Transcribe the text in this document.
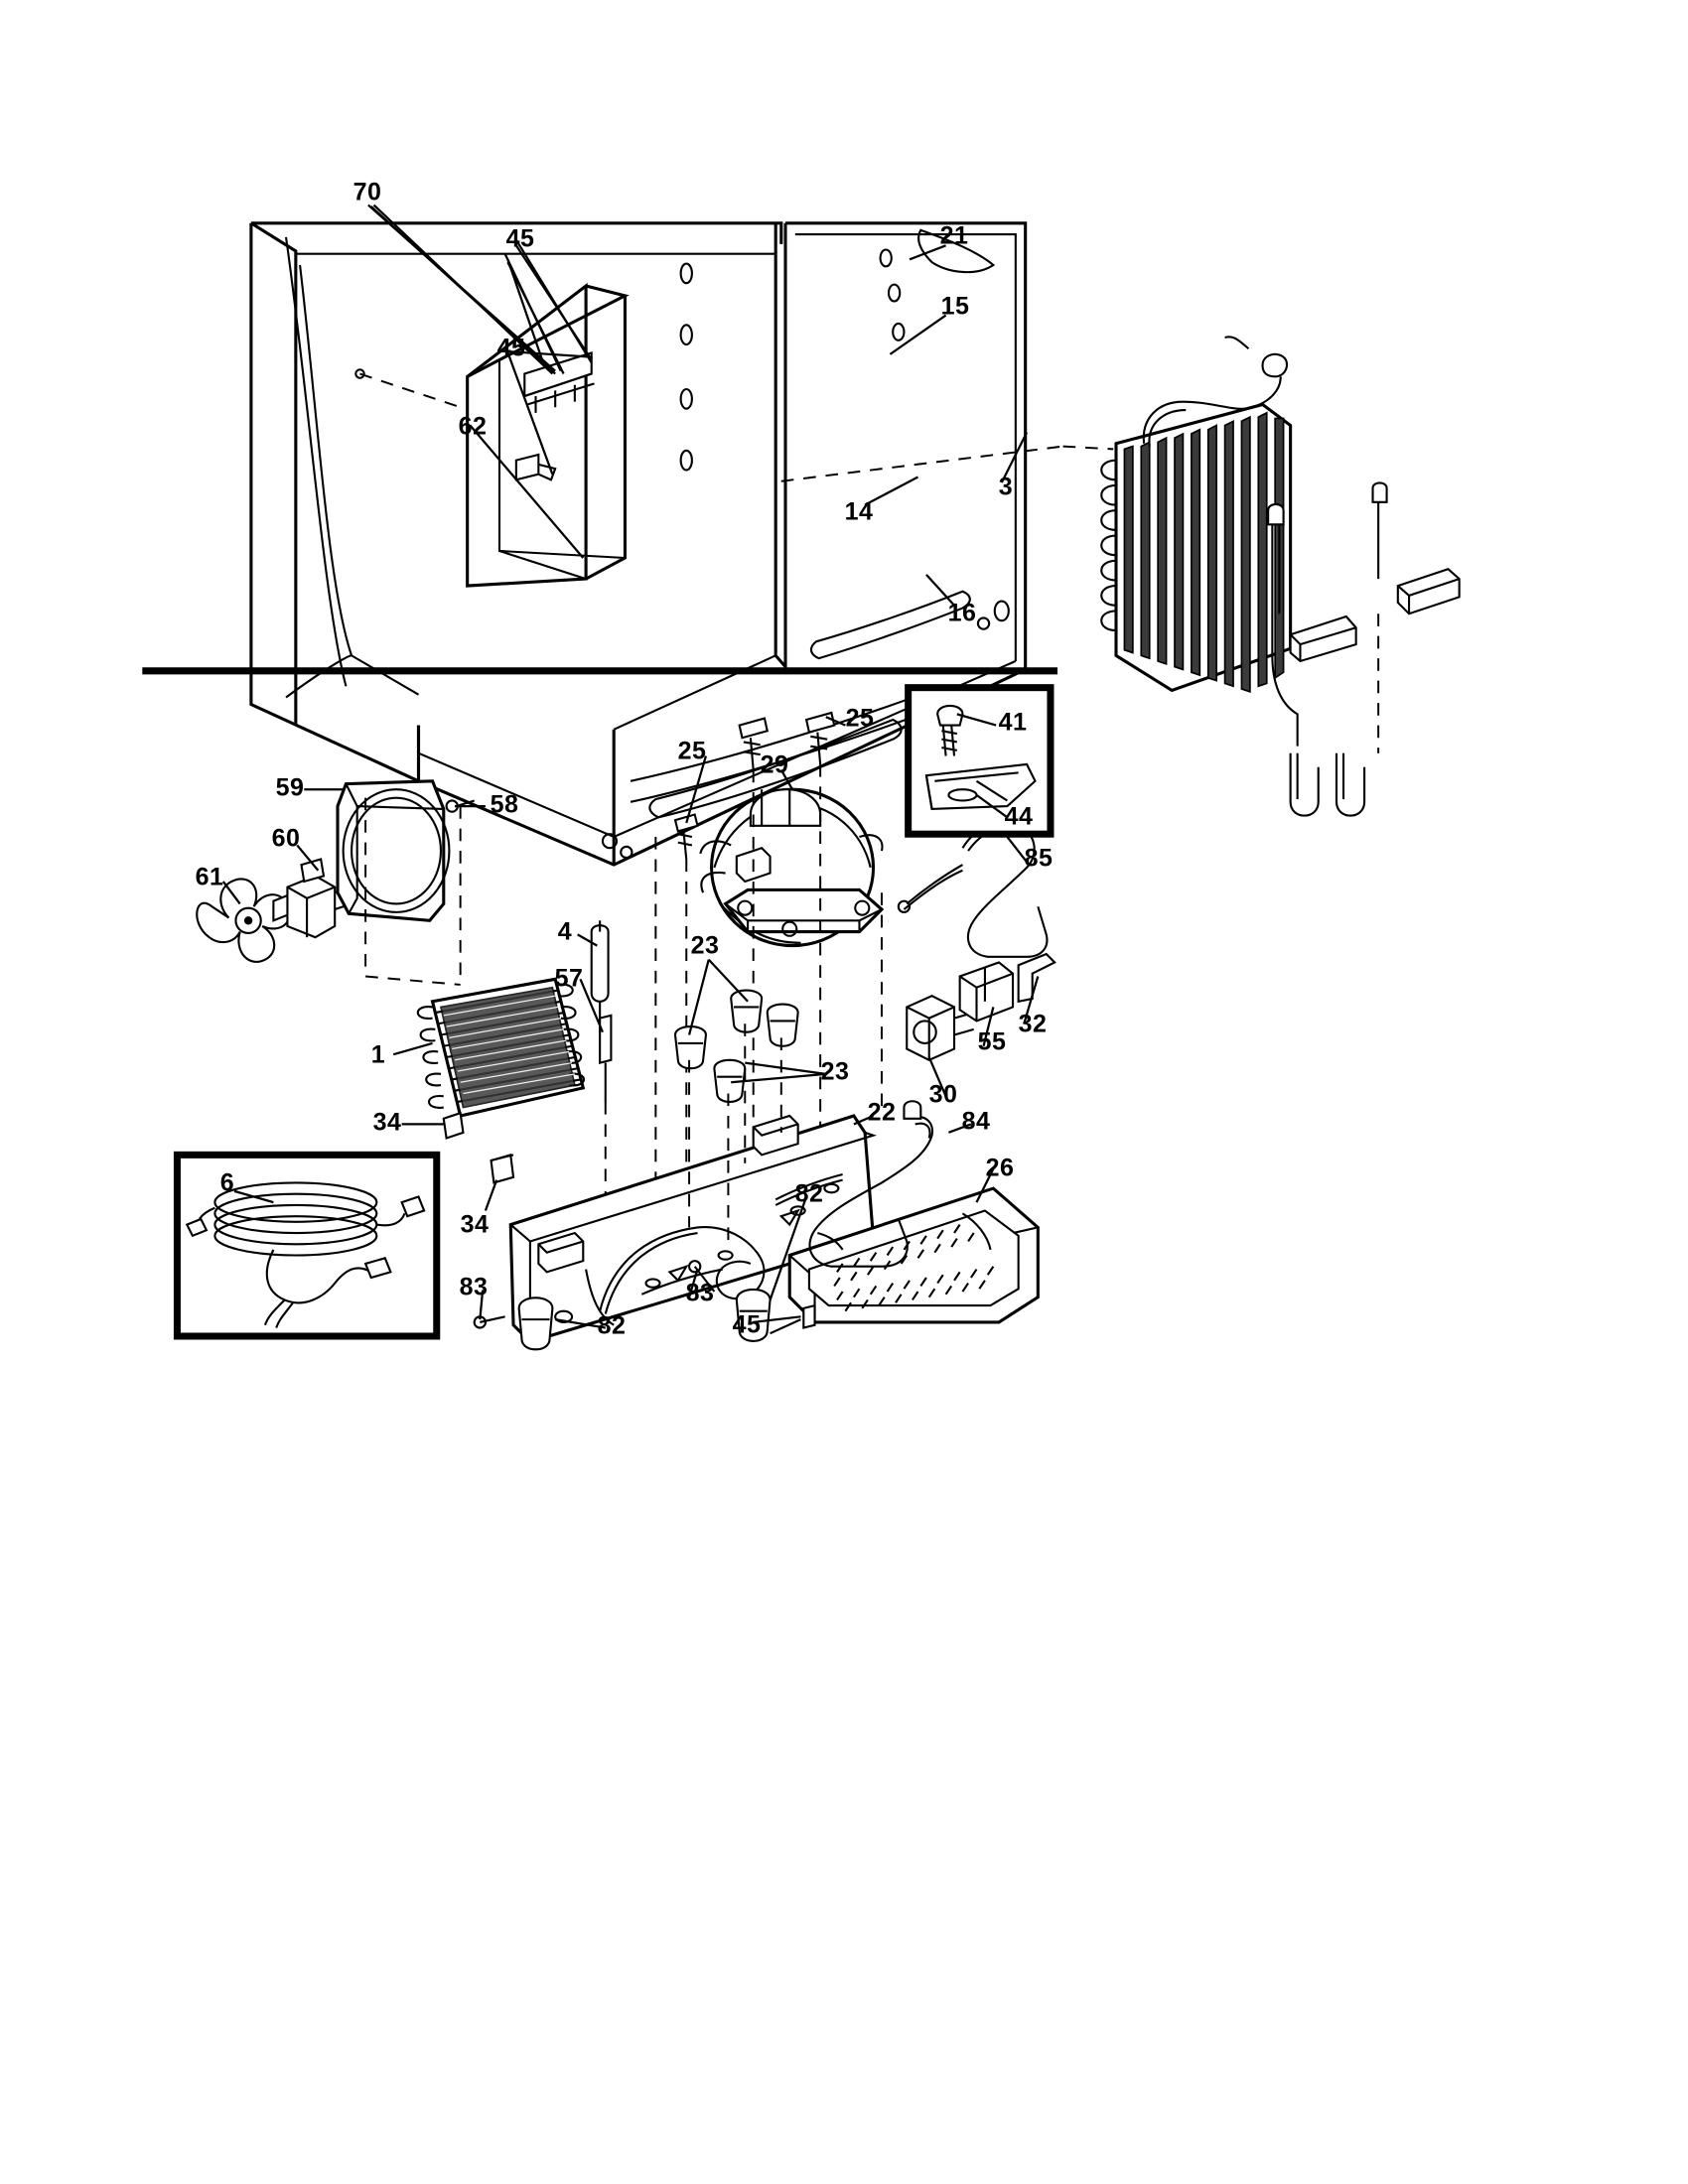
70
45
45
62
21
15
3
14
16
59
58
60
61
25
25
29
41
44
85
4
57
23
23
32
55
30
1
34
34
22	84
26
82
82
83
83
45
6
